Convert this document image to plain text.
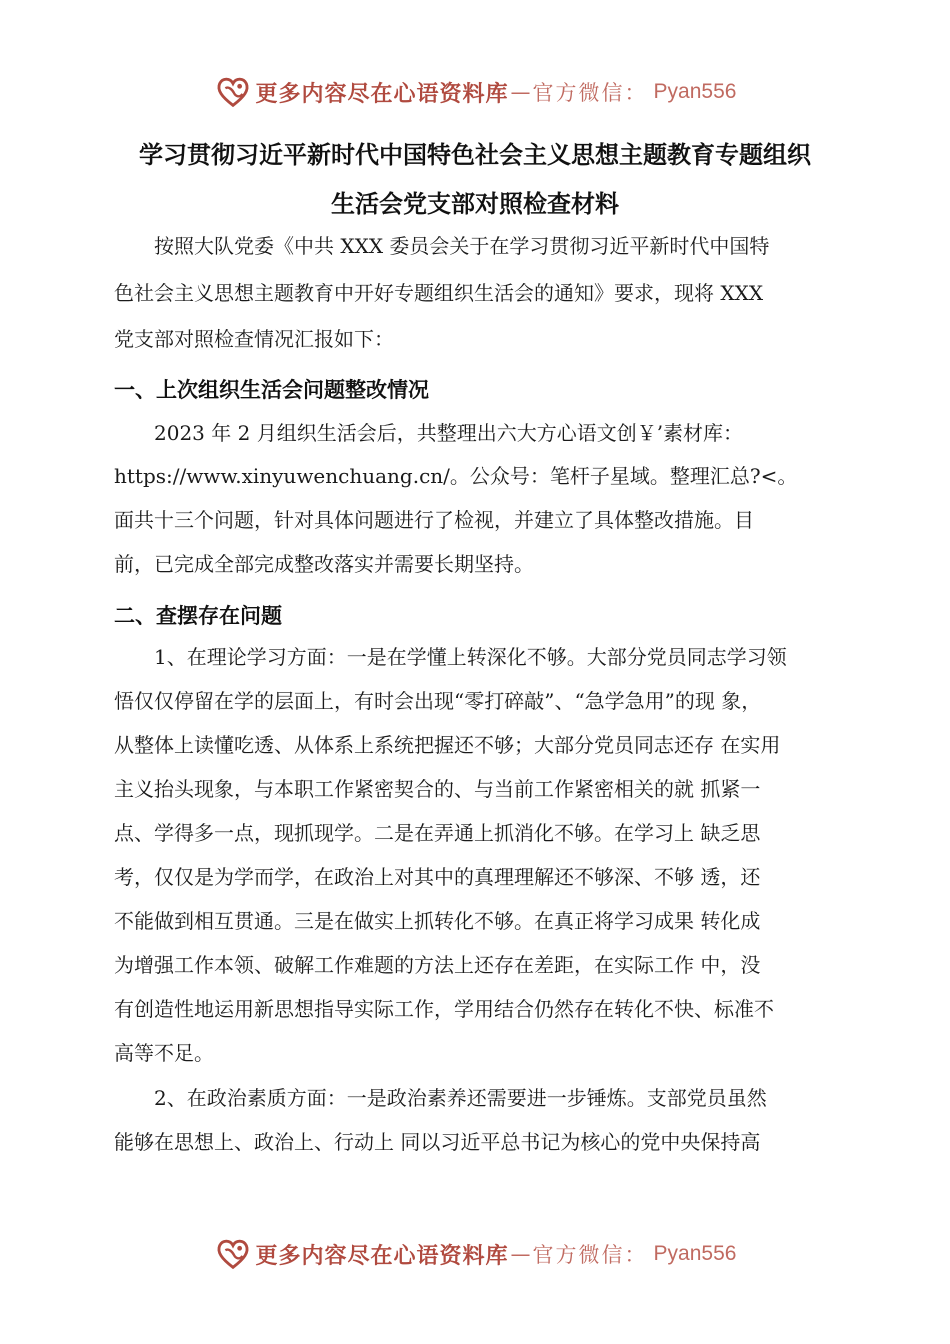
更多内容尽在心语资料库 — 官方微信： Pyan556
学习贯彻习近平新时代中国特色社会主义思想主题教育专题组织
生活会党支部对照检查材料
　　按照大队党委《中共 XXX 委员会关于在学习贯彻习近平新时代中国特
色社会主义思想主题教育中开好专题组织生活会的通知》要求，现将 XXX
党支部对照检查情况汇报如下：
一、上次组织生活会问题整改情况
　　2023 年 2 月组织生活会后，共整理出六大方心语文创￥’素材库：
https://www.xinyuwenchuang.cn/。公众号：笔杆子星域。整理汇总?<。
面共十三个问题，针对具体问题进行了检视，并建立了具体整改措施。目
前，已完成全部完成整改落实并需要长期坚持。
二、查摆存在问题
　　1、在理论学习方面：一是在学懂上转深化不够。大部分党员同志学习领
悟仅仅停留在学的层面上，有时会出现“零打碎敲”、“急学急用”的现 象，
从整体上读懂吃透、从体系上系统把握还不够；大部分党员同志还存 在实用
主义抬头现象，与本职工作紧密契合的、与当前工作紧密相关的就 抓紧一
点、学得多一点，现抓现学。二是在弄通上抓消化不够。在学习上 缺乏思
考，仅仅是为学而学，在政治上对其中的真理理解还不够深、不够 透，还
不能做到相互贯通。三是在做实上抓转化不够。在真正将学习成果 转化成
为增强工作本领、破解工作难题的方法上还存在差距，在实际工作 中，没
有创造性地运用新思想指导实际工作，学用结合仍然存在转化不快、标准不
高等不足。
　　2、在政治素质方面：一是政治素养还需要进一步锤炼。支部党员虽然
能够在思想上、政治上、行动上 同以习近平总书记为核心的党中央保持高
更多内容尽在心语资料库 — 官方微信： Pyan556
